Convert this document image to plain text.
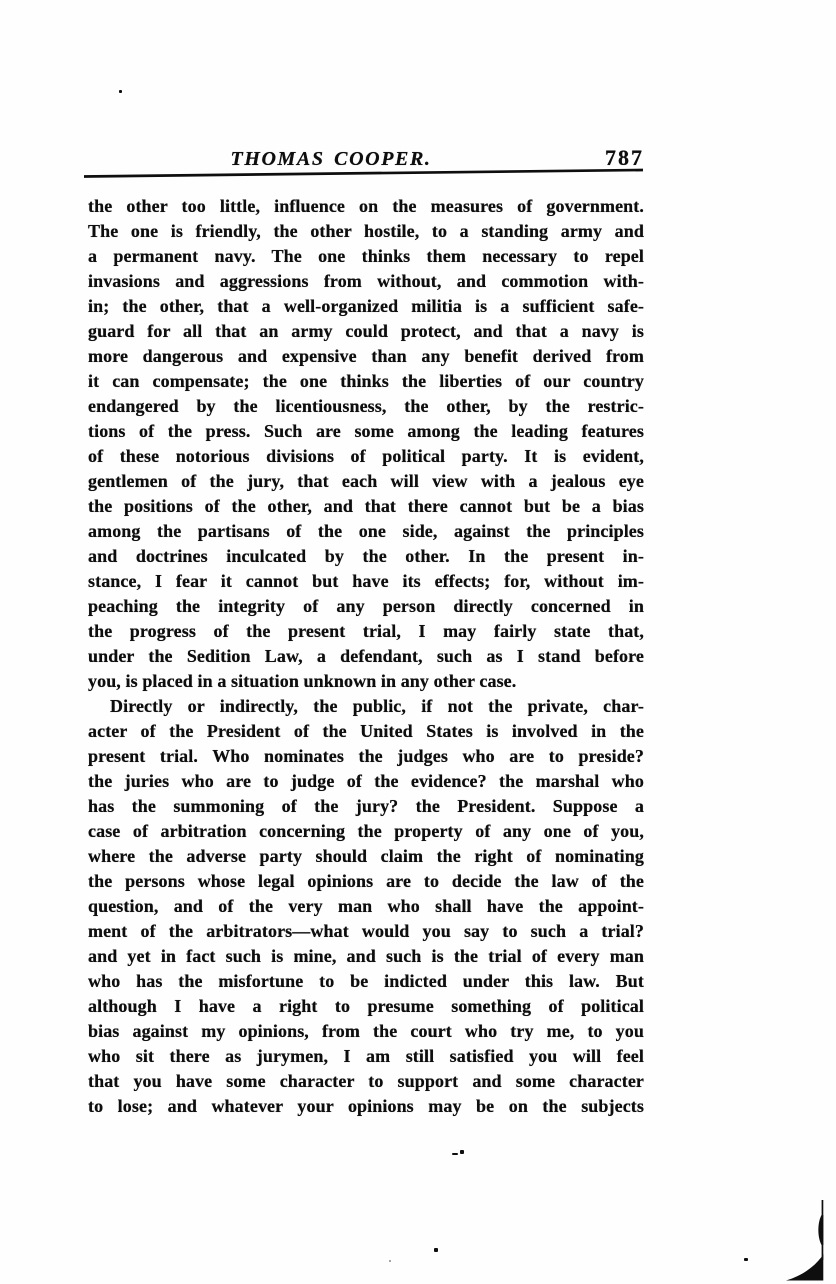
THOMAS COOPER.	787
the other too little, influence on the measures of government.
The one is friendly, the other hostile, to a standing army and
a permanent navy. The one thinks them necessary to repel
invasions and aggressions from without, and commotion with-
in; the other, that a well-organized militia is a sufficient safe-
guard for all that an army could protect, and that a navy is
more dangerous and expensive than any benefit derived from
it can compensate; the one thinks the liberties of our country
endangered by the licentiousness, the other, by the restric-
tions of the press. Such are some among the leading features
of these notorious divisions of political party. It is evident,
gentlemen of the jury, that each will view with a jealous eye
the positions of the other, and that there cannot but be a bias
among the partisans of the one side, against the principles
and doctrines inculcated by the other. In the present in-
stance, I fear it cannot but have its effects; for, without im-
peaching the integrity of any person directly concerned in
the progress of the present trial, I may fairly state that,
under the Sedition Law, a defendant, such as I stand before
you, is placed in a situation unknown in any other case.
Directly or indirectly, the public, if not the private, char-
acter of the President of the United States is involved in the
present trial. Who nominates the judges who are to preside?
the juries who are to judge of the evidence? the marshal who
has the summoning of the jury? the President. Suppose a
case of arbitration concerning the property of any one of you,
where the adverse party should claim the right of nominating
the persons whose legal opinions are to decide the law of the
question, and of the very man who shall have the appoint-
ment of the arbitrators—what would you say to such a trial?
and yet in fact such is mine, and such is the trial of every man
who has the misfortune to be indicted under this law. But
although I have a right to presume something of political
bias against my opinions, from the court who try me, to you
who sit there as jurymen, I am still satisfied you will feel
that you have some character to support and some character
to lose; and whatever your opinions may be on the subjects
